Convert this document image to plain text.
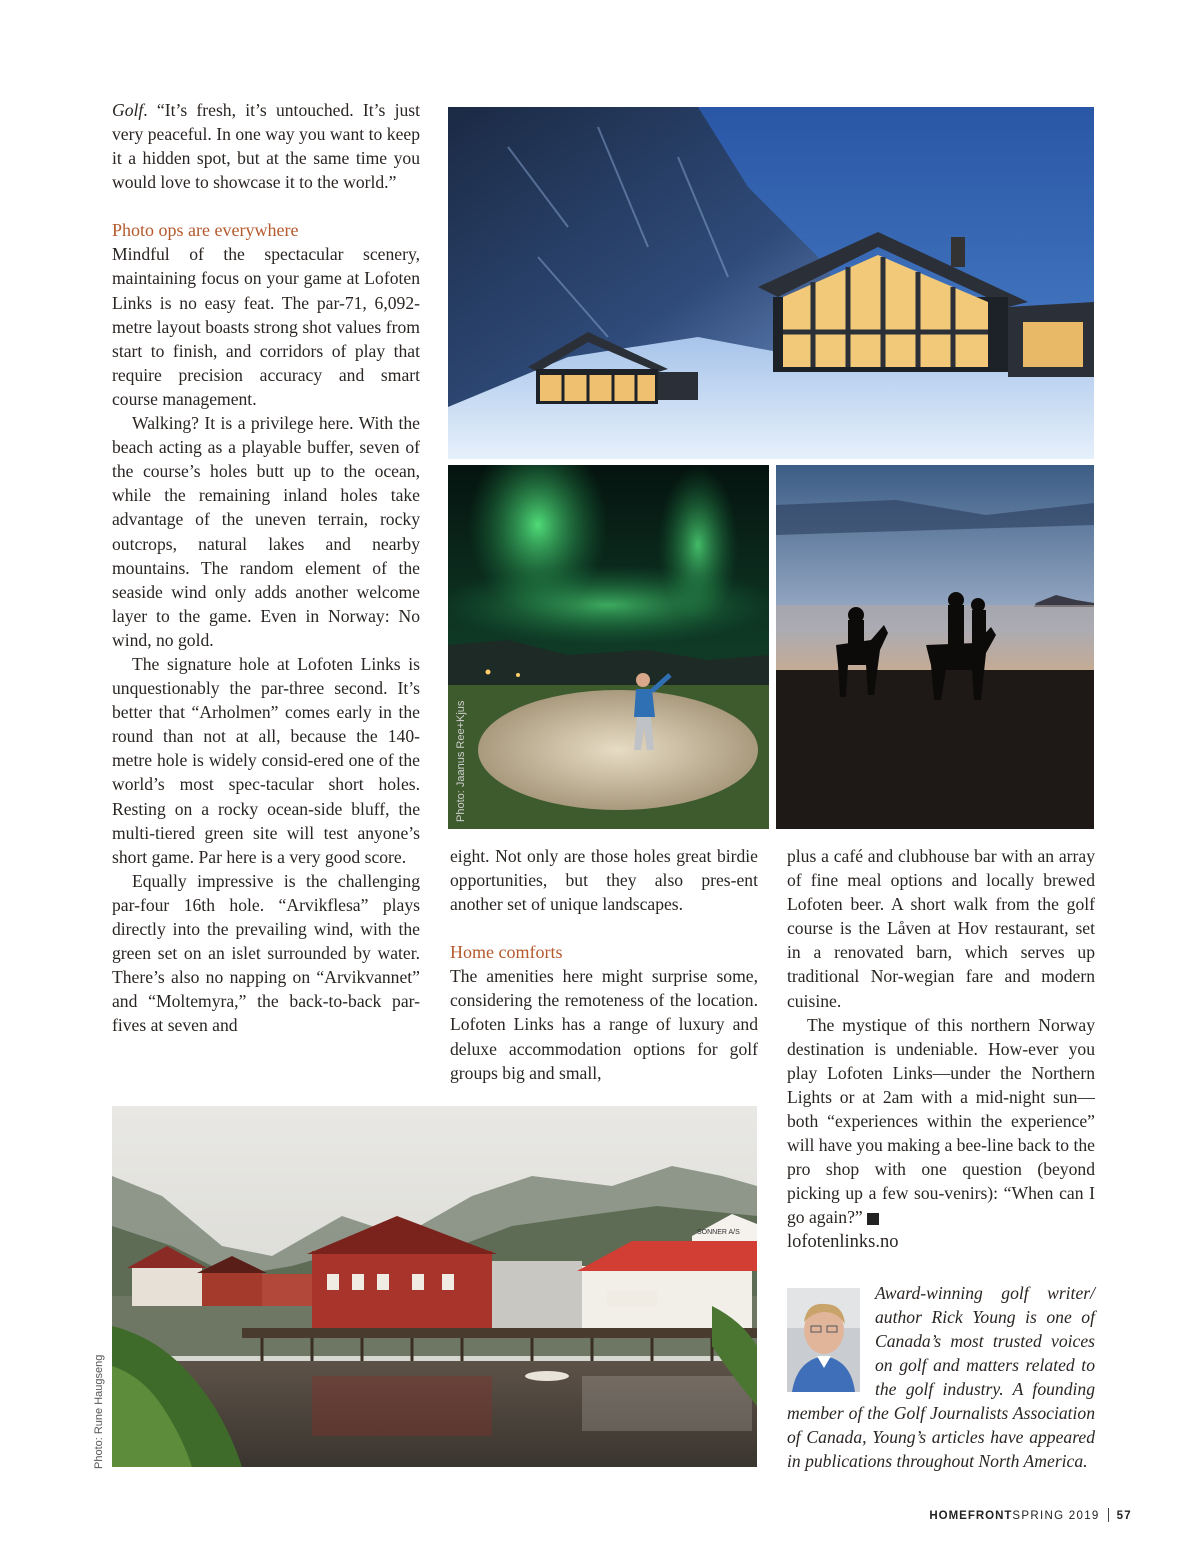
Golf. “It’s fresh, it’s untouched. It’s just very peaceful. In one way you want to keep it a hidden spot, but at the same time you would love to showcase it to the world.”

Photo ops are everywhere

Mindful of the spectacular scenery, maintaining focus on your game at Lofoten Links is no easy feat. The par-71, 6,092-metre layout boasts strong shot values from start to finish, and corridors of play that require precision accuracy and smart course management.

Walking? It is a privilege here. With the beach acting as a playable buffer, seven of the course’s holes butt up to the ocean, while the remaining inland holes take advantage of the uneven terrain, rocky outcrops, natural lakes and nearby mountains. The random element of the seaside wind only adds another welcome layer to the game. Even in Norway: No wind, no gold.

The signature hole at Lofoten Links is unquestionably the par-three second. It’s better that “Arholmen” comes early in the round than not at all, because the 140-metre hole is widely consid-ered one of the world’s most spec-tacular short holes. Resting on a rocky ocean-side bluff, the multi-tiered green site will test anyone’s short game. Par here is a very good score.

Equally impressive is the challenging par-four 16th hole. “Arvikflesa” plays directly into the prevailing wind, with the green set on an islet surrounded by water. There’s also no napping on “Arvikvannet” and “Moltemyra,” the back-to-back par-fives at seven and

eight. Not only are those holes great birdie opportunities, but they also pres-ent another set of unique landscapes.

Home comforts

The amenities here might surprise some, considering the remoteness of the location. Lofoten Links has a range of luxury and deluxe accommodation options for golf groups big and small,

plus a café and clubhouse bar with an array of fine meal options and locally brewed Lofoten beer. A short walk from the golf course is the Låven at Hov restaurant, set in a renovated barn, which serves up traditional Nor-wegian fare and modern cuisine.

The mystique of this northern Norway destination is undeniable. How-ever you play Lofoten Links—under the Northern Lights or at 2am with a mid-night sun—both “experiences within the experience” will have you making a bee-line back to the pro shop with one question (beyond picking up a few sou-venirs): “When can I go again?”	H

lofotenlinks.no

SONNER A/S
Photo: Jaanus Ree+Kjus
Photo: Rune Haugseng
Award-winning golf writer/ author Rick Young is one of Canada’s most trusted voices on golf and matters related to the golf industry. A founding member of the Golf Journalists Association of Canada, Young’s articles have appeared in publications throughout North America.
HOMEFRONTSPRING 2019 57
